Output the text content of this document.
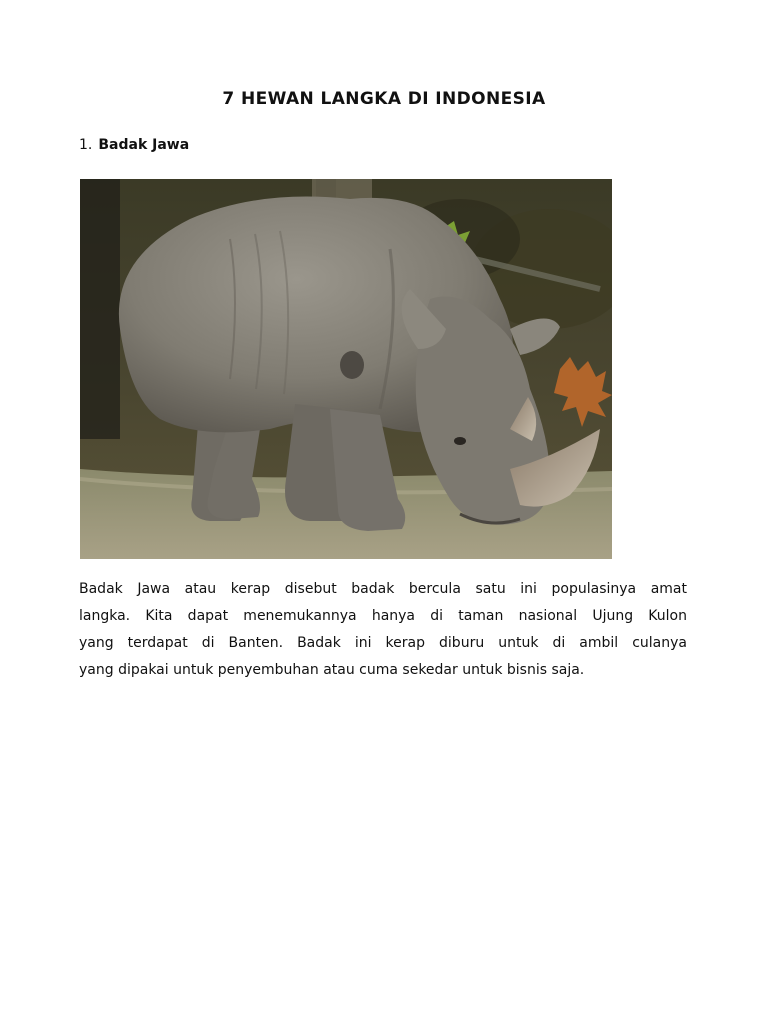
7 HEWAN LANGKA DI INDONESIA
1. Badak Jawa
Badak Jawa atau kerap disebut badak bercula satu ini populasinya amat
langka. Kita dapat menemukannya hanya di taman nasional Ujung Kulon
yang terdapat di Banten. Badak ini kerap diburu untuk di ambil culanya
yang dipakai untuk penyembuhan atau cuma sekedar untuk bisnis saja.
